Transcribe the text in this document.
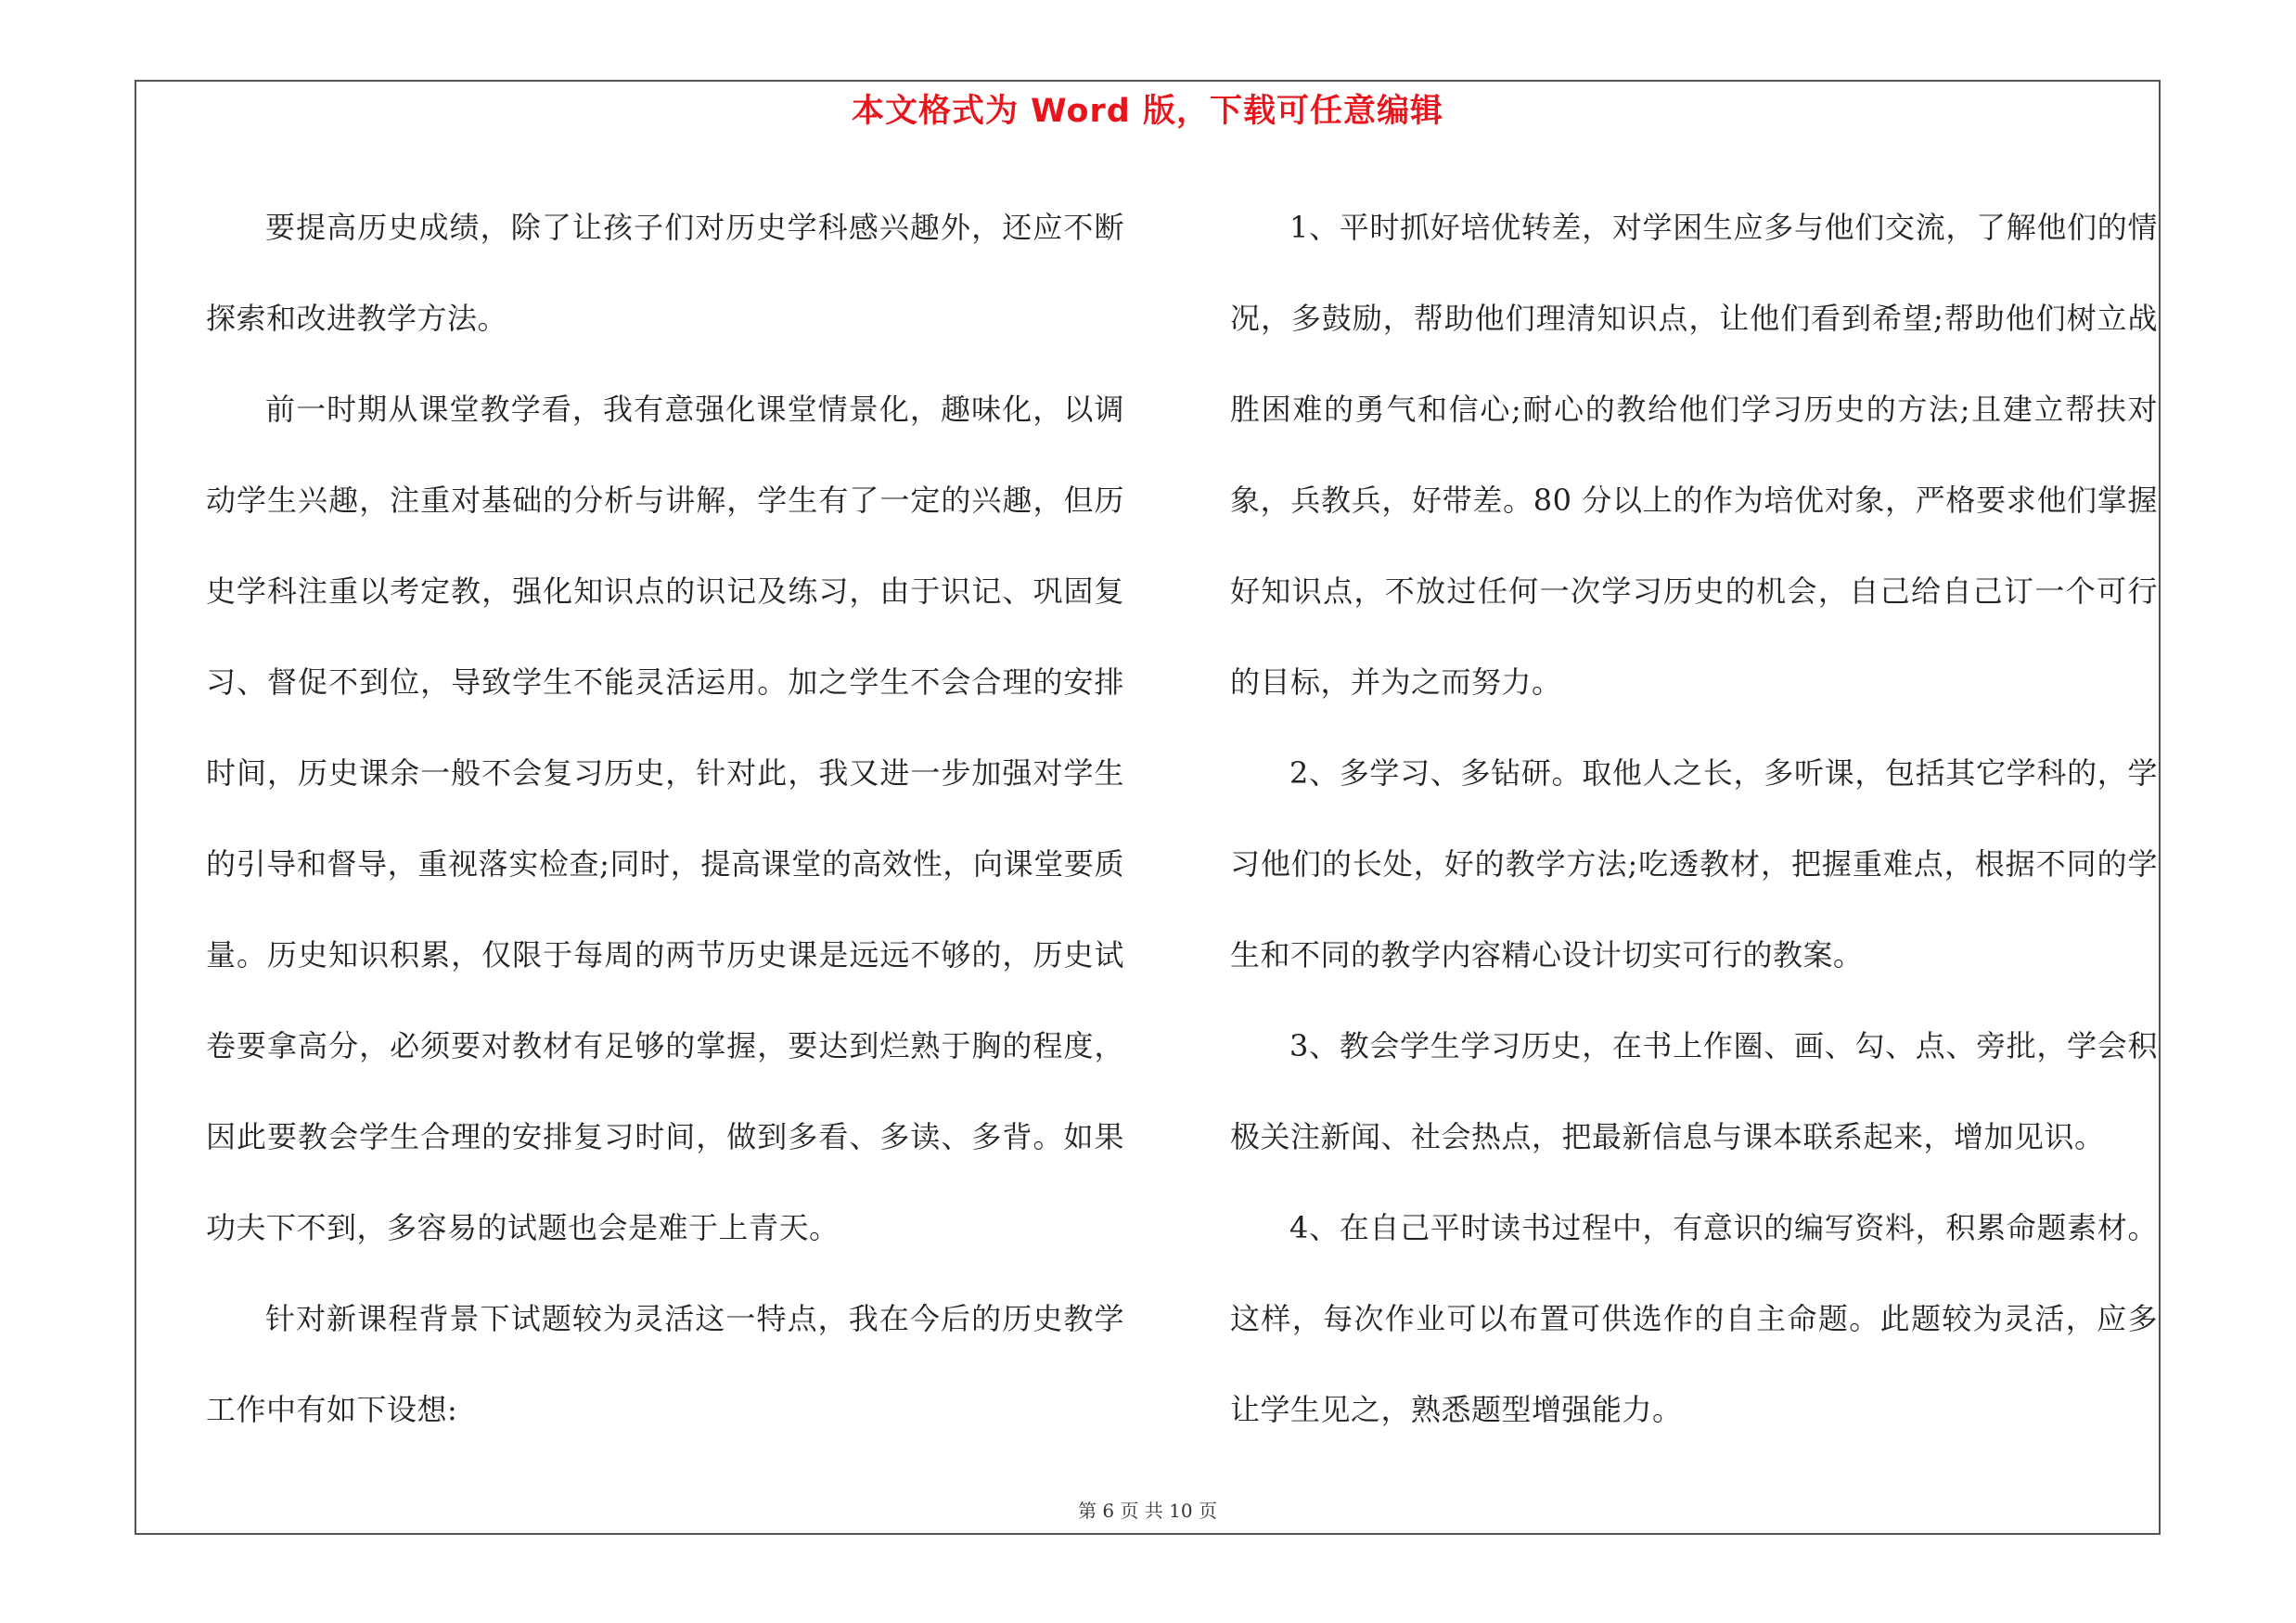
本文格式为 Word 版，下载可任意编辑

要提高历史成绩，除了让孩子们对历史学科感兴趣外，还应不断探索和改进教学方法。

前一时期从课堂教学看，我有意强化课堂情景化，趣味化，以调动学生兴趣，注重对基础的分析与讲解，学生有了一定的兴趣，但历史学科注重以考定教，强化知识点的识记及练习，由于识记、巩固复习、督促不到位，导致学生不能灵活运用。加之学生不会合理的安排时间，历史课余一般不会复习历史，针对此，我又进一步加强对学生的引导和督导，重视落实检查;同时，提高课堂的高效性，向课堂要质量。历史知识积累，仅限于每周的两节历史课是远远不够的，历史试卷要拿高分，必须要对教材有足够的掌握，要达到烂熟于胸的程度，因此要教会学生合理的安排复习时间，做到多看、多读、多背。如果功夫下不到，多容易的试题也会是难于上青天。

针对新课程背景下试题较为灵活这一特点，我在今后的历史教学工作中有如下设想:

1、平时抓好培优转差，对学困生应多与他们交流，了解他们的情况，多鼓励，帮助他们理清知识点，让他们看到希望;帮助他们树立战胜困难的勇气和信心;耐心的教给他们学习历史的方法;且建立帮扶对象，兵教兵，好带差。80 分以上的作为培优对象，严格要求他们掌握好知识点，不放过任何一次学习历史的机会，自己给自己订一个可行的目标，并为之而努力。

2、多学习、多钻研。取他人之长，多听课，包括其它学科的，学习他们的长处，好的教学方法;吃透教材，把握重难点，根据不同的学生和不同的教学内容精心设计切实可行的教案。

3、教会学生学习历史，在书上作圈、画、勾、点、旁批，学会积极关注新闻、社会热点，把最新信息与课本联系起来，增加见识。

4、在自己平时读书过程中，有意识的编写资料，积累命题素材。这样，每次作业可以布置可供选作的自主命题。此题较为灵活，应多让学生见之，熟悉题型增强能力。

第 6 页 共 10 页
